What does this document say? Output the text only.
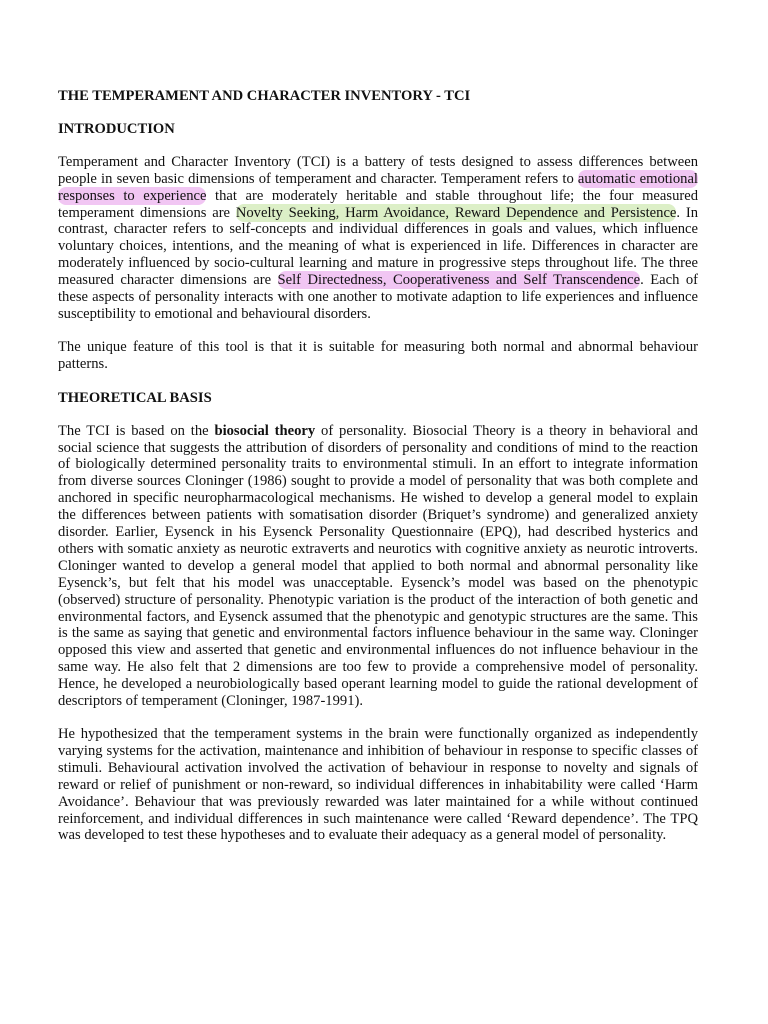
THE TEMPERAMENT AND CHARACTER INVENTORY - TCI
INTRODUCTION

Temperament and Character Inventory (TCI) is a battery of tests designed to assess differences between people in seven basic dimensions of temperament and character. Temperament refers to automatic emotional responses to experience that are moderately heritable and stable throughout life; the four measured temperament dimensions are Novelty Seeking, Harm Avoidance, Reward Dependence and Persistence. In contrast, character refers to self-concepts and individual differences in goals and values, which influence voluntary choices, intentions, and the meaning of what is experienced in life. Differences in character are moderately influenced by socio-cultural learning and mature in progressive steps throughout life. The three measured character dimensions are Self Directedness, Cooperativeness and Self Transcendence. Each of these aspects of personality interacts with one another to motivate adaption to life experiences and influence susceptibility to emotional and behavioural disorders.

The unique feature of this tool is that it is suitable for measuring both normal and abnormal behaviour patterns.

THEORETICAL BASIS

The TCI is based on the biosocial theory of personality. Biosocial Theory is a theory in behavioral and social science that suggests the attribution of disorders of personality and conditions of mind to the reaction of biologically determined personality traits to environmental stimuli. In an effort to integrate information from diverse sources Cloninger (1986) sought to provide a model of personality that was both complete and anchored in specific neuropharmacological mechanisms. He wished to develop a general model to explain the differences between patients with somatisation disorder (Briquet’s syndrome) and generalized anxiety disorder. Earlier, Eysenck in his Eysenck Personality Questionnaire (EPQ), had described hysterics and others with somatic anxiety as neurotic extraverts and neurotics with cognitive anxiety as neurotic introverts. Cloninger wanted to develop a general model that applied to both normal and abnormal personality like Eysenck’s, but felt that his model was unacceptable. Eysenck’s model was based on the phenotypic (observed) structure of personality. Phenotypic variation is the product of the interaction of both genetic and environmental factors, and Eysenck assumed that the phenotypic and genotypic structures are the same. This is the same as saying that genetic and environmental factors influence behaviour in the same way. Cloninger opposed this view and asserted that genetic and environmental influences do not influence behaviour in the same way. He also felt that 2 dimensions are too few to provide a comprehensive model of personality. Hence, he developed a neurobiologically based operant learning model to guide the rational development of descriptors of temperament (Cloninger, 1987-1991).

He hypothesized that the temperament systems in the brain were functionally organized as independently varying systems for the activation, maintenance and inhibition of behaviour in response to specific classes of stimuli. Behavioural activation involved the activation of behaviour in response to novelty and signals of reward or relief of punishment or non-reward, so individual differences in inhabitability were called ‘Harm Avoidance’. Behaviour that was previously rewarded was later maintained for a while without continued reinforcement, and individual differences in such maintenance were called ‘Reward dependence’. The TPQ was developed to test these hypotheses and to evaluate their adequacy as a general model of personality.
